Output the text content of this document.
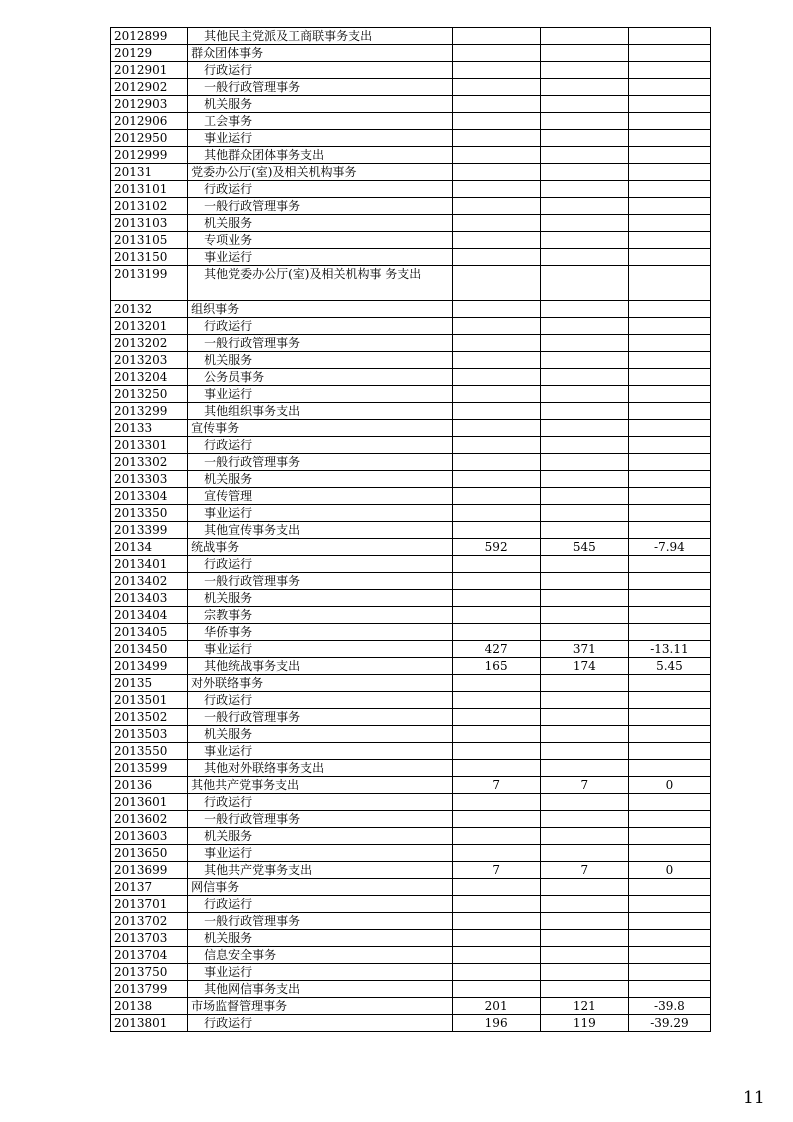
2012899	其他民主党派及工商联事务支出			
20129	群众团体事务			
2012901	行政运行			
2012902	一般行政管理事务			
2012903	机关服务			
2012906	工会事务			
2012950	事业运行			
2012999	其他群众团体事务支出			
20131	党委办公厅(室)及相关机构事务			
2013101	行政运行			
2013102	一般行政管理事务			
2013103	机关服务			
2013105	专项业务			
2013150	事业运行			
2013199	其他党委办公厅(室)及相关机构事 务支出			
20132	组织事务			
2013201	行政运行			
2013202	一般行政管理事务			
2013203	机关服务			
2013204	公务员事务			
2013250	事业运行			
2013299	其他组织事务支出			
20133	宣传事务			
2013301	行政运行			
2013302	一般行政管理事务			
2013303	机关服务			
2013304	宣传管理			
2013350	事业运行			
2013399	其他宣传事务支出			
20134	统战事务	592	545	-7.94
2013401	行政运行			
2013402	一般行政管理事务			
2013403	机关服务			
2013404	宗教事务			
2013405	华侨事务			
2013450	事业运行	427	371	-13.11
2013499	其他统战事务支出	165	174	5.45
20135	对外联络事务			
2013501	行政运行			
2013502	一般行政管理事务			
2013503	机关服务			
2013550	事业运行			
2013599	其他对外联络事务支出			
20136	其他共产党事务支出	7	7	0
2013601	行政运行			
2013602	一般行政管理事务			
2013603	机关服务			
2013650	事业运行			
2013699	其他共产党事务支出	7	7	0
20137	网信事务			
2013701	行政运行			
2013702	一般行政管理事务			
2013703	机关服务			
2013704	信息安全事务			
2013750	事业运行			
2013799	其他网信事务支出			
20138	市场监督管理事务	201	121	-39.8
2013801	行政运行	196	119	-39.29
11
